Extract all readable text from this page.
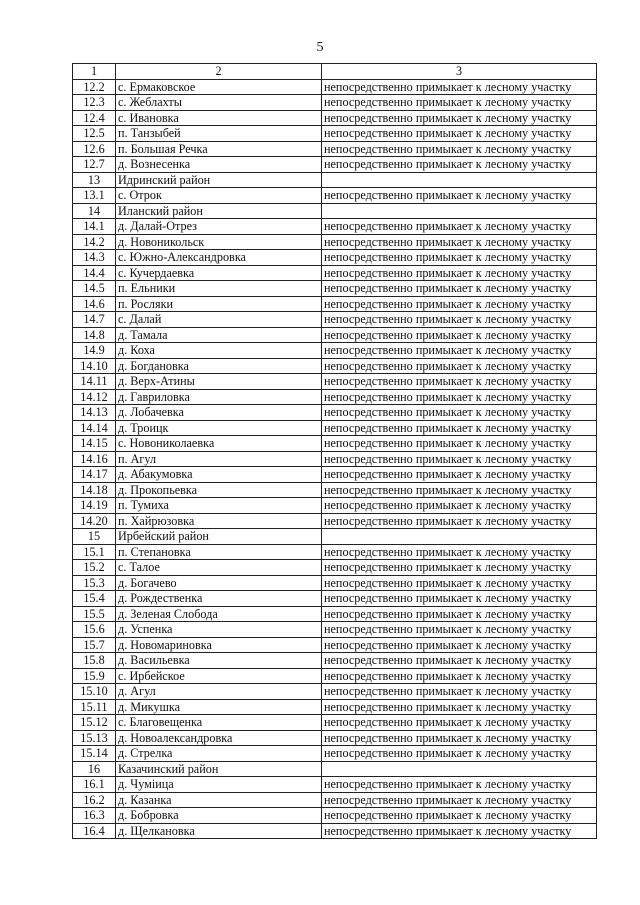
5
1	2	3
12.2	с. Ермаковское	непосредственно примыкает к лесному участку
12.3	с. Жеблахты	непосредственно примыкает к лесному участку
12.4	с. Ивановка	непосредственно примыкает к лесному участку
12.5	п. Танзыбей	непосредственно примыкает к лесному участку
12.6	п. Большая Речка	непосредственно примыкает к лесному участку
12.7	д. Вознесенка	непосредственно примыкает к лесному участку
13	Идринский район	
13.1	с. Отрок	непосредственно примыкает к лесному участку
14	Иланский район	
14.1	д. Далай-Отрез	непосредственно примыкает к лесному участку
14.2	д. Новоникольск	непосредственно примыкает к лесному участку
14.3	с. Южно-Александровка	непосредственно примыкает к лесному участку
14.4	с. Кучердаевка	непосредственно примыкает к лесному участку
14.5	п. Ельники	непосредственно примыкает к лесному участку
14.6	п. Росляки	непосредственно примыкает к лесному участку
14.7	с. Далай	непосредственно примыкает к лесному участку
14.8	д. Тамала	непосредственно примыкает к лесному участку
14.9	д. Коха	непосредственно примыкает к лесному участку
14.10	д. Богдановка	непосредственно примыкает к лесному участку
14.11	д. Верх-Атины	непосредственно примыкает к лесному участку
14.12	д. Гавриловка	непосредственно примыкает к лесному участку
14.13	д. Лобачевка	непосредственно примыкает к лесному участку
14.14	д. Троицк	непосредственно примыкает к лесному участку
14.15	с. Новониколаевка	непосредственно примыкает к лесному участку
14.16	п. Агул	непосредственно примыкает к лесному участку
14.17	д. Абакумовка	непосредственно примыкает к лесному участку
14.18	д. Прокопьевка	непосредственно примыкает к лесному участку
14.19	п. Тумиха	непосредственно примыкает к лесному участку
14.20	п. Хайрюзовка	непосредственно примыкает к лесному участку
15	Ирбейский район	
15.1	п. Степановка	непосредственно примыкает к лесному участку
15.2	с. Талое	непосредственно примыкает к лесному участку
15.3	д. Богачево	непосредственно примыкает к лесному участку
15.4	д. Рождественка	непосредственно примыкает к лесному участку
15.5	д. Зеленая Слобода	непосредственно примыкает к лесному участку
15.6	д. Успенка	непосредственно примыкает к лесному участку
15.7	д. Новомариновка	непосредственно примыкает к лесному участку
15.8	д. Васильевка	непосредственно примыкает к лесному участку
15.9	с. Ирбейское	непосредственно примыкает к лесному участку
15.10	д. Агул	непосредственно примыкает к лесному участку
15.11	д. Микушка	непосредственно примыкает к лесному участку
15.12	с. Благовещенка	непосредственно примыкает к лесному участку
15.13	д. Новоалександровка	непосредственно примыкает к лесному участку
15.14	д. Стрелка	непосредственно примыкает к лесному участку
16	Казачинский район	
16.1	д. Чуміица	непосредственно примыкает к лесному участку
16.2	д. Казанка	непосредственно примыкает к лесному участку
16.3	д. Бобровка	непосредственно примыкает к лесному участку
16.4	д. Щелкановка	непосредственно примыкает к лесному участку
